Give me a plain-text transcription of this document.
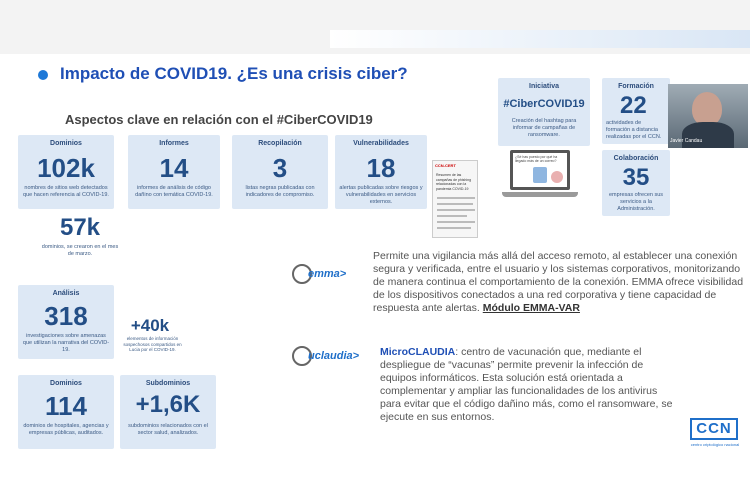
Impacto de COVID19. ¿Es una crisis ciber?
Aspectos clave en relación con el #CiberCOVID19
Dominios
102k
nombres de sitios web detectados que hacen referencia al COVID-19.
Informes
14
informes de análisis de código dañino con temática COVID-19.
Recopilación
3
listas negras publicadas con indicadores de compromiso.
Vulnerabilidades
18
alertas publicadas sobre riesgos y vulnerabilidades en servicios externos.
57k
dominios, se crearon en el mes de marzo.
Análisis
318
investigaciones sobre amenazas que utilizan la narrativa del COVID-19.
+40k
elementos de información sospechosos compartidos en Lucia por el COVID-19.
Dominios
114
dominios de hospitales, agencias y empresas públicas, auditados.
Subdominios
+1,6K
subdominios relacionados con el sector salud, analizados.
CCN-CERT
Resumen de las campañas de phishing relacionadas con la pandemia COVID-19
Iniciativa
#CiberCOVID19
Creación del hashtag para informar de campañas de ransomware.
¿Sé has puesto por qué ha llegado más de un correo?
Formación
22
actividades de formación a distancia realizadas por el CCN.
Javier Candau
Colaboración
35
empresas ofrecen sus servicios a la Administración.
emma>
Permite una vigilancia más allá del acceso remoto, al establecer una conexión segura y verificada, entre el usuario y los sistemas corporativos, monitorizando de manera continua el comportamiento de la conexión. EMMA ofrece visibilidad de los dispositivos conectados a una red corporativa y tiene capacidad de respuesta ante alertas. Módulo EMMA-VAR
uclaudia> MicroCLAUDIA: centro de vacunación que, mediante el despliegue de “vacunas” permite prevenir la infección de equipos informáticos. Esta solución está orientada a complementar y ampliar las funcionalidades de los antivirus para evitar que el código dañino más, como el ransomware, se ejecute en sus entornos.
CCN
centro criptológico nacional
